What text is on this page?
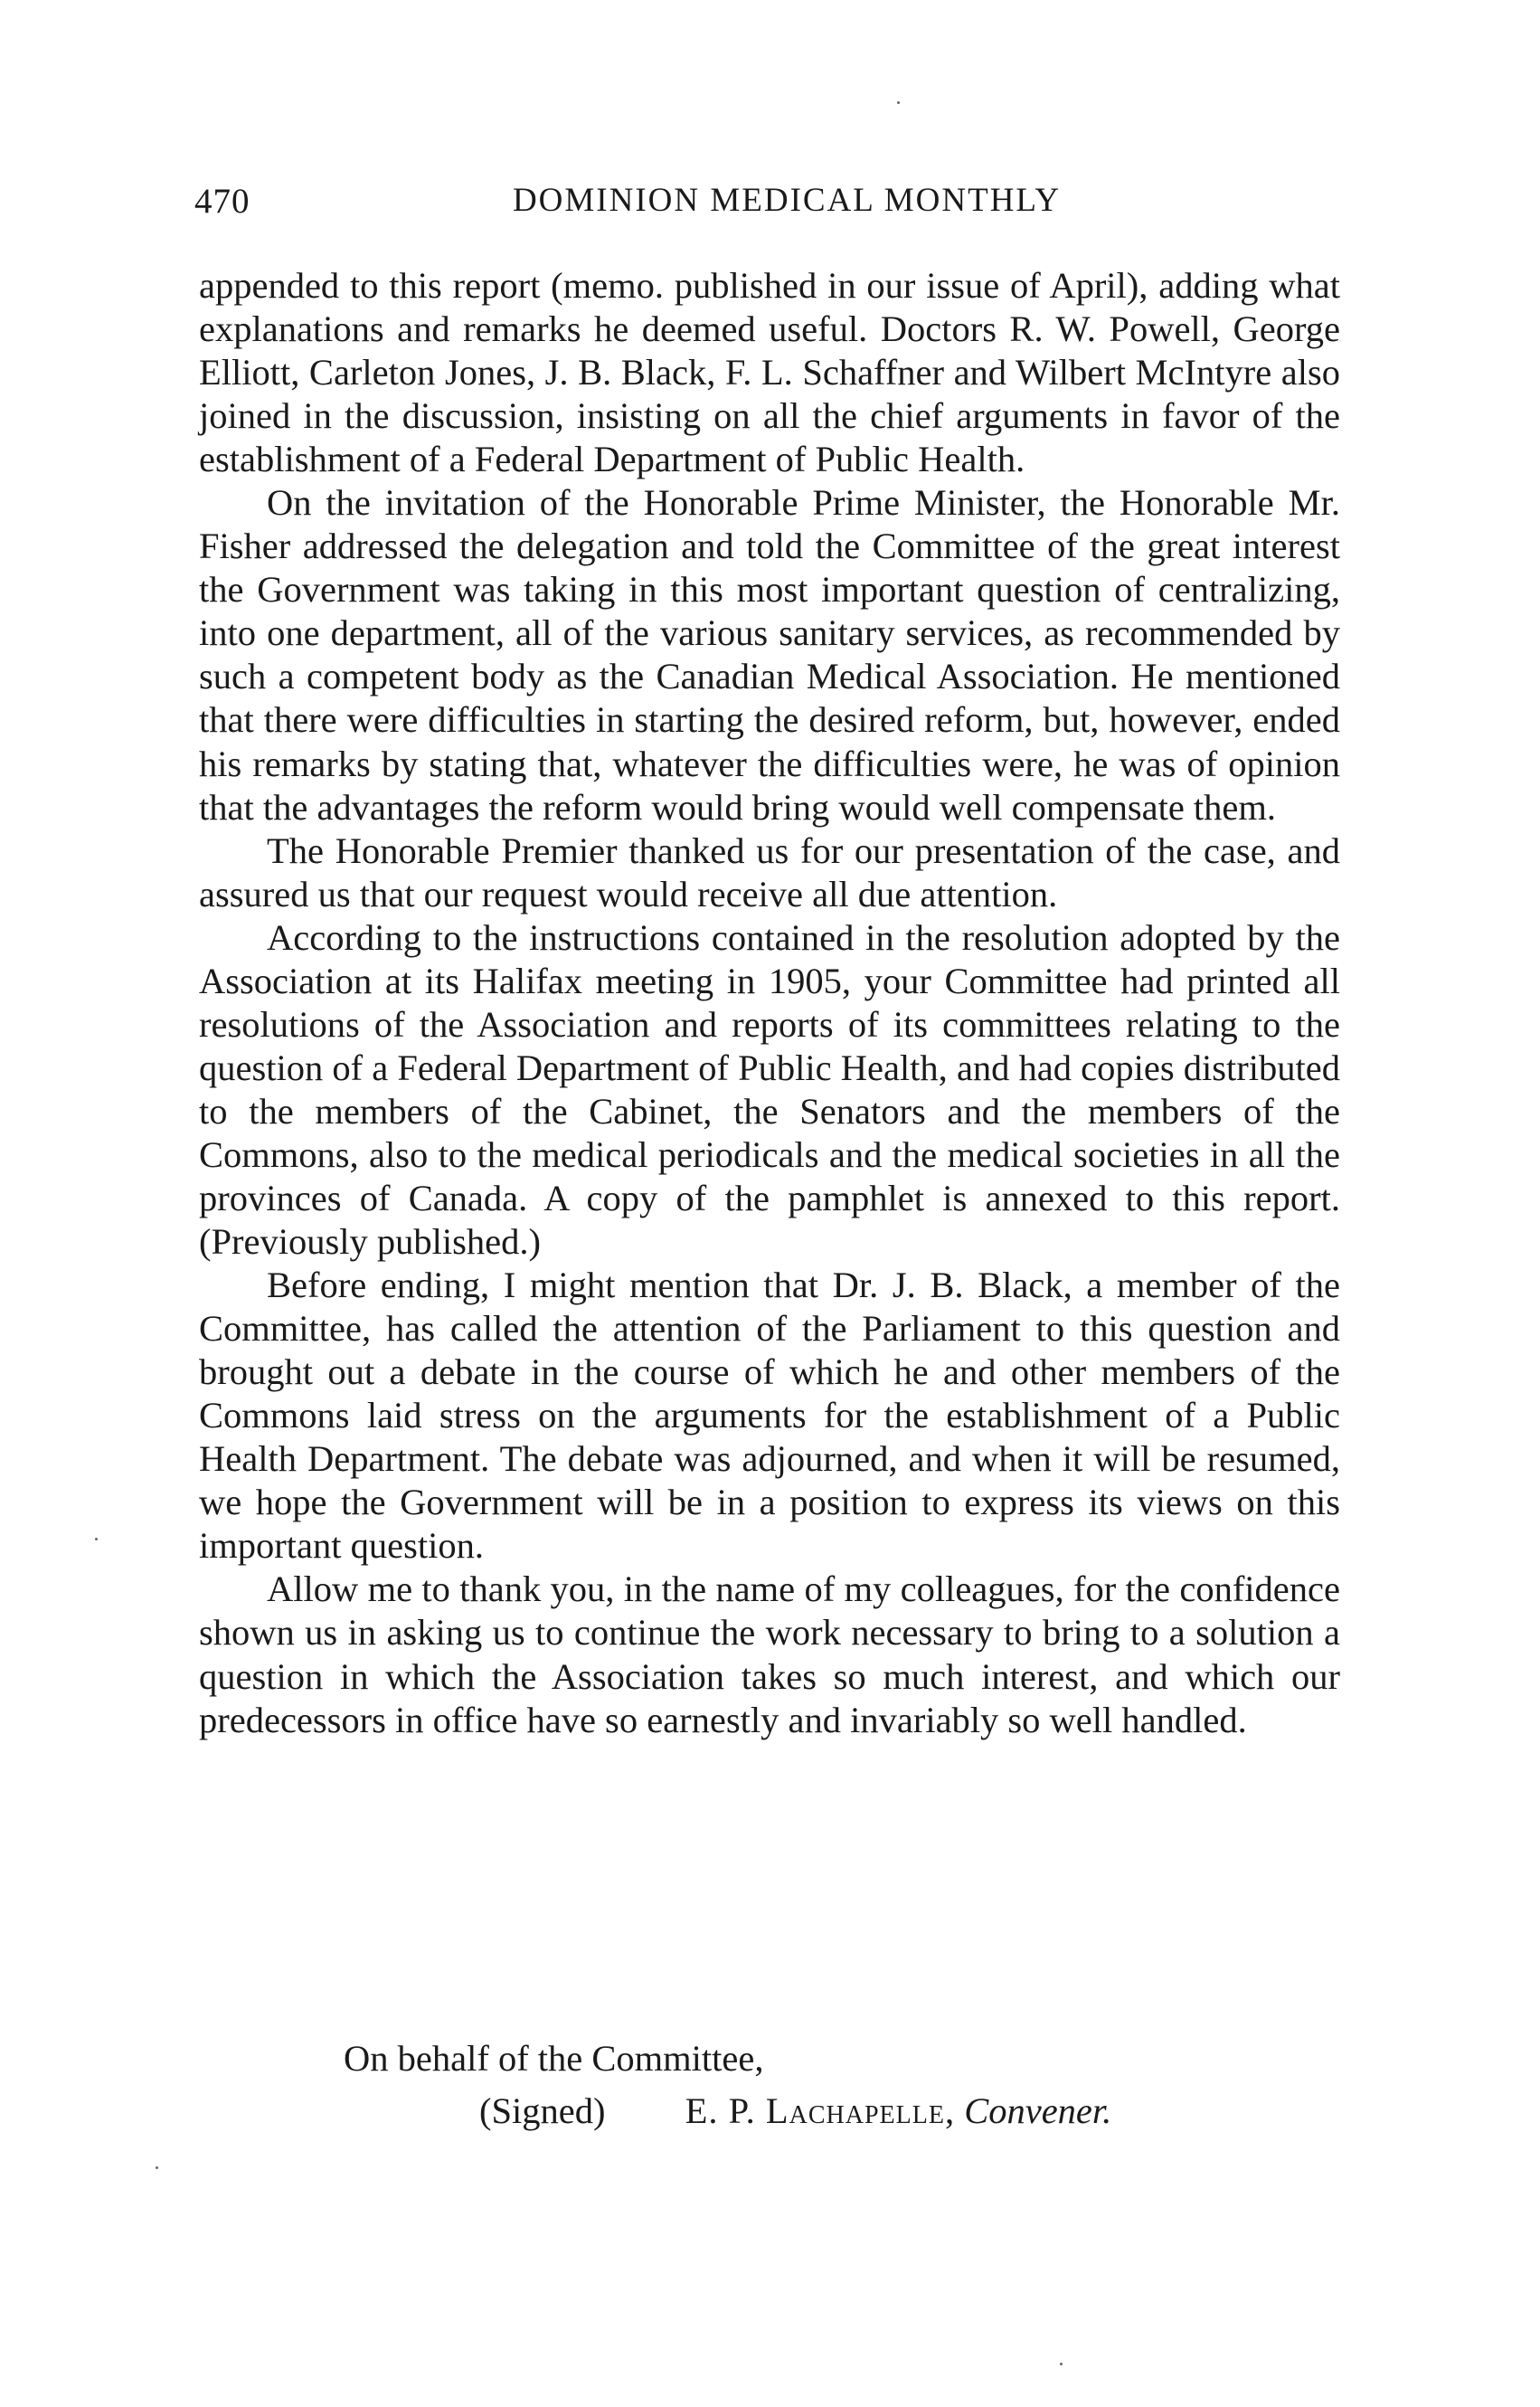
470	DOMINION MEDICAL MONTHLY

appended to this report (memo. published in our issue of April), adding what explanations and remarks he deemed useful. Doctors R. W. Powell, George Elliott, Carleton Jones, J. B. Black, F. L. Schaffner and Wilbert McIntyre also joined in the discussion, insisting on all the chief arguments in favor of the establishment of a Federal Department of Public Health.

On the invitation of the Honorable Prime Minister, the Honorable Mr. Fisher addressed the delegation and told the Committee of the great interest the Government was taking in this most important question of centralizing, into one department, all of the various sanitary services, as recommended by such a competent body as the Canadian Medical Association. He mentioned that there were difficulties in starting the desired reform, but, however, ended his remarks by stating that, whatever the difficulties were, he was of opinion that the advantages the reform would bring would well compensate them.

The Honorable Premier thanked us for our presentation of the case, and assured us that our request would receive all due attention.

According to the instructions contained in the resolution adopted by the Association at its Halifax meeting in 1905, your Committee had printed all resolutions of the Association and reports of its committees relating to the question of a Federal Department of Public Health, and had copies distributed to the members of the Cabinet, the Senators and the members of the Commons, also to the medical periodicals and the medical societies in all the provinces of Canada. A copy of the pamphlet is annexed to this report. (Previously published.)

Before ending, I might mention that Dr. J. B. Black, a member of the Committee, has called the attention of the Parliament to this question and brought out a debate in the course of which he and other members of the Commons laid stress on the arguments for the establishment of a Public Health Department. The debate was adjourned, and when it will be resumed, we hope the Government will be in a position to express its views on this important question.

Allow me to thank you, in the name of my colleagues, for the confidence shown us in asking us to continue the work necessary to bring to a solution a question in which the Association takes so much interest, and which our predecessors in office have so earnestly and invariably so well handled.

On behalf of the Committee,
(Signed) E. P. Lachapelle, Convener.
